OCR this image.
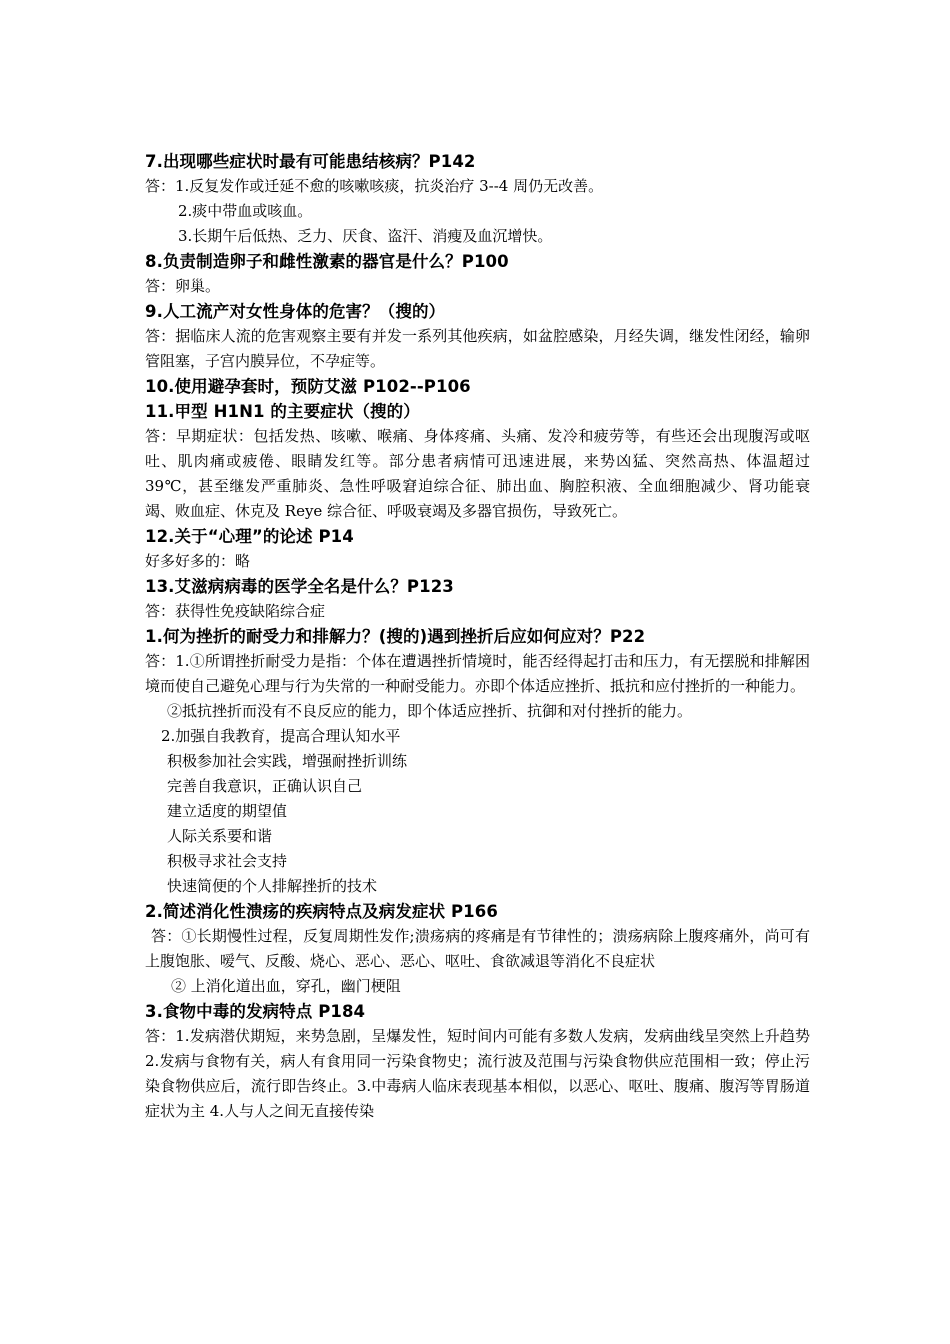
7.出现哪些症状时最有可能患结核病？P142
答：1.反复发作或迁延不愈的咳嗽咳痰，抗炎治疗 3--4 周仍无改善。
2.痰中带血或咳血。
3.长期午后低热、乏力、厌食、盗汗、消瘦及血沉增快。
8.负责制造卵子和雌性激素的器官是什么？P100
答：卵巢。
9.人工流产对女性身体的危害？（搜的）
答：据临床人流的危害观察主要有并发一系列其他疾病，如盆腔感染，月经失调，继发性闭经，输卵管阻塞，子宫内膜异位，不孕症等。
10.使用避孕套时，预防艾滋 P102--P106
11.甲型 H1N1 的主要症状（搜的）
答：早期症状：包括发热、咳嗽、喉痛、身体疼痛、头痛、发冷和疲劳等，有些还会出现腹泻或呕吐、肌肉痛或疲倦、眼睛发红等。部分患者病情可迅速进展，来势凶猛、突然高热、体温超过 39℃，甚至继发严重肺炎、急性呼吸窘迫综合征、肺出血、胸腔积液、全血细胞减少、肾功能衰竭、败血症、休克及 Reye 综合征、呼吸衰竭及多器官损伤，导致死亡。
12.关于“心理”的论述 P14
好多好多的：略
13.艾滋病病毒的医学全名是什么？P123
答：获得性免疫缺陷综合症
1.何为挫折的耐受力和排解力？(搜的)遇到挫折后应如何应对？P22
答：1.①所谓挫折耐受力是指：个体在遭遇挫折情境时，能否经得起打击和压力，有无摆脱和排解困境而使自己避免心理与行为失常的一种耐受能力。亦即个体适应挫折、抵抗和应付挫折的一种能力。
②抵抗挫折而没有不良反应的能力，即个体适应挫折、抗御和对付挫折的能力。
2.加强自我教育，提高合理认知水平
积极参加社会实践，增强耐挫折训练
完善自我意识，正确认识自己
建立适度的期望值
人际关系要和谐
积极寻求社会支持
快速简便的个人排解挫折的技术
2.简述消化性溃疡的疾病特点及病发症状 P166
答：①长期慢性过程，反复周期性发作;溃疡病的疼痛是有节律性的；溃疡病除上腹疼痛外，尚可有上腹饱胀、嗳气、反酸、烧心、恶心、恶心、呕吐、食欲减退等消化不良症状
② 上消化道出血，穿孔，幽门梗阻
3.食物中毒的发病特点 P184
答：1.发病潜伏期短，来势急剧，呈爆发性，短时间内可能有多数人发病，发病曲线呈突然上升趋势 2.发病与食物有关，病人有食用同一污染食物史；流行波及范围与污染食物供应范围相一致；停止污染食物供应后，流行即告终止。3.中毒病人临床表现基本相似，以恶心、呕吐、腹痛、腹泻等胃肠道症状为主 4.人与人之间无直接传染
